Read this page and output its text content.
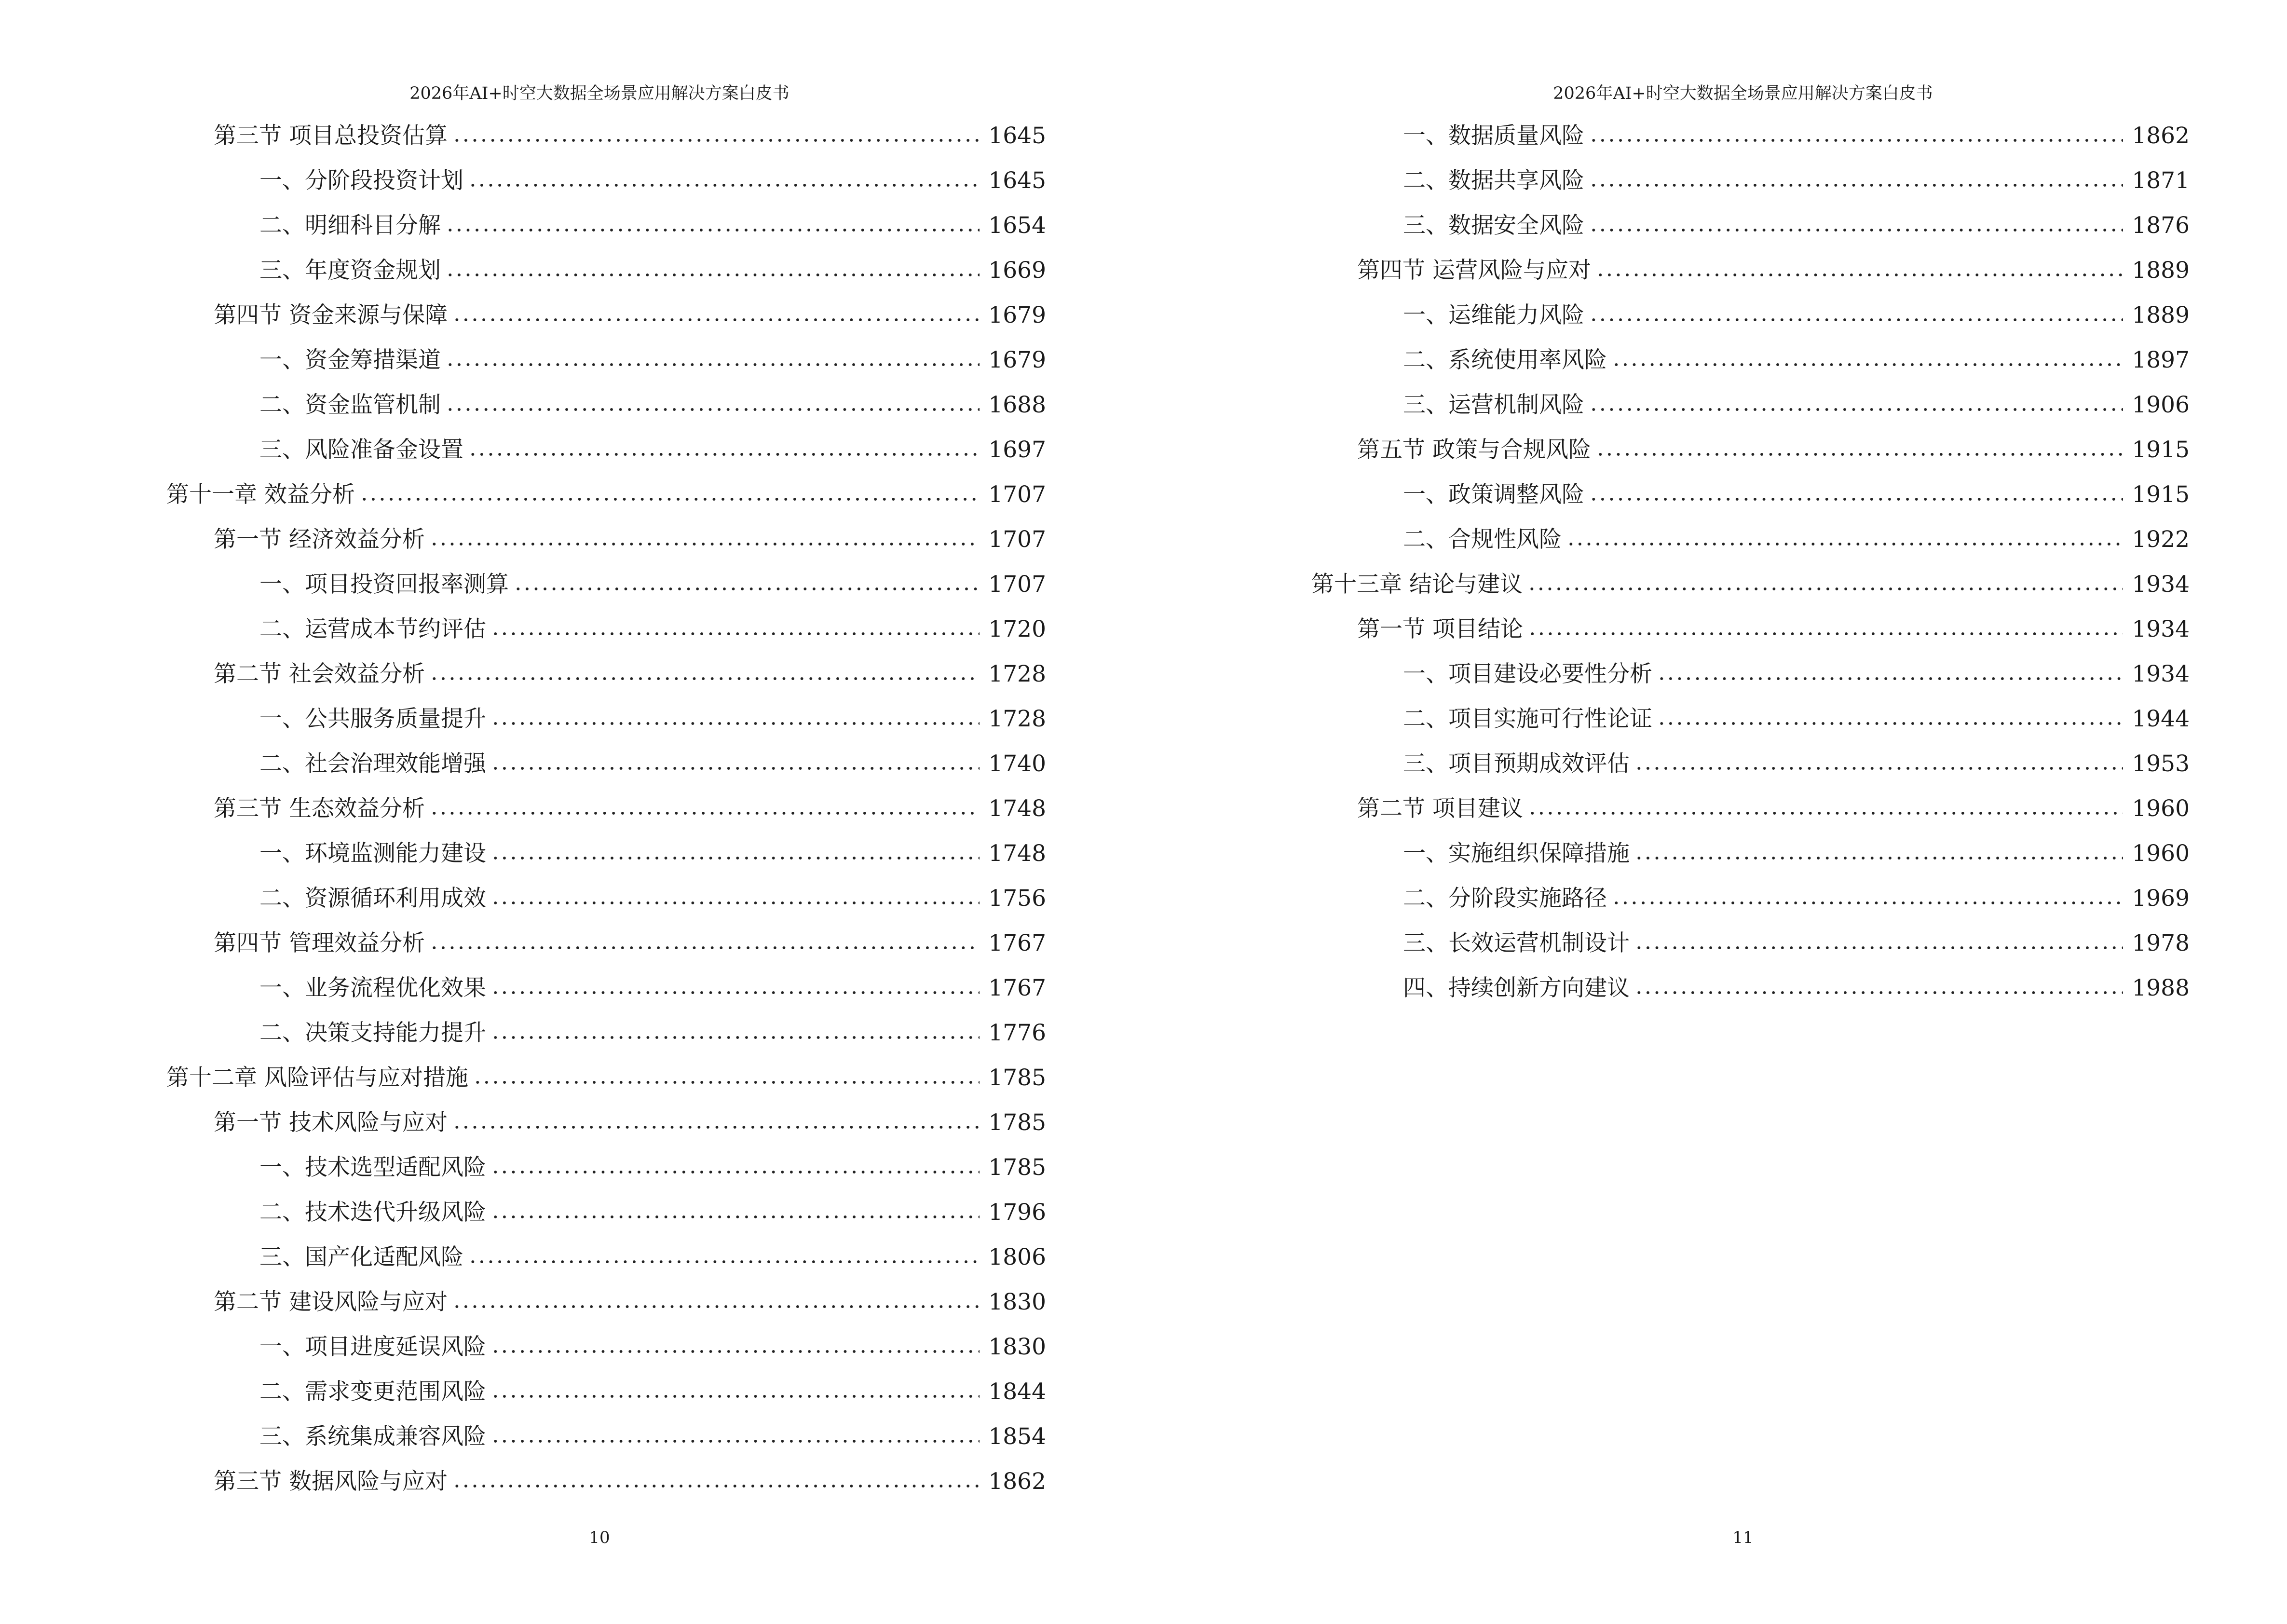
2026年AI+时空大数据全场景应用解决方案白皮书
第三节 项目总投资估算	1645
一、分阶段投资计划	1645
二、明细科目分解	1654
三、年度资金规划	1669
第四节 资金来源与保障	1679
一、资金筹措渠道	1679
二、资金监管机制	1688
三、风险准备金设置	1697
第十一章 效益分析	1707
第一节 经济效益分析	1707
一、项目投资回报率测算	1707
二、运营成本节约评估	1720
第二节 社会效益分析	1728
一、公共服务质量提升	1728
二、社会治理效能增强	1740
第三节 生态效益分析	1748
一、环境监测能力建设	1748
二、资源循环利用成效	1756
第四节 管理效益分析	1767
一、业务流程优化效果	1767
二、决策支持能力提升	1776
第十二章 风险评估与应对措施	1785
第一节 技术风险与应对	1785
一、技术选型适配风险	1785
二、技术迭代升级风险	1796
三、国产化适配风险	1806
第二节 建设风险与应对	1830
一、项目进度延误风险	1830
二、需求变更范围风险	1844
三、系统集成兼容风险	1854
第三节 数据风险与应对	1862
10
2026年AI+时空大数据全场景应用解决方案白皮书
一、数据质量风险	1862
二、数据共享风险	1871
三、数据安全风险	1876
第四节 运营风险与应对	1889
一、运维能力风险	1889
二、系统使用率风险	1897
三、运营机制风险	1906
第五节 政策与合规风险	1915
一、政策调整风险	1915
二、合规性风险	1922
第十三章 结论与建议	1934
第一节 项目结论	1934
一、项目建设必要性分析	1934
二、项目实施可行性论证	1944
三、项目预期成效评估	1953
第二节 项目建议	1960
一、实施组织保障措施	1960
二、分阶段实施路径	1969
三、长效运营机制设计	1978
四、持续创新方向建议	1988
11
